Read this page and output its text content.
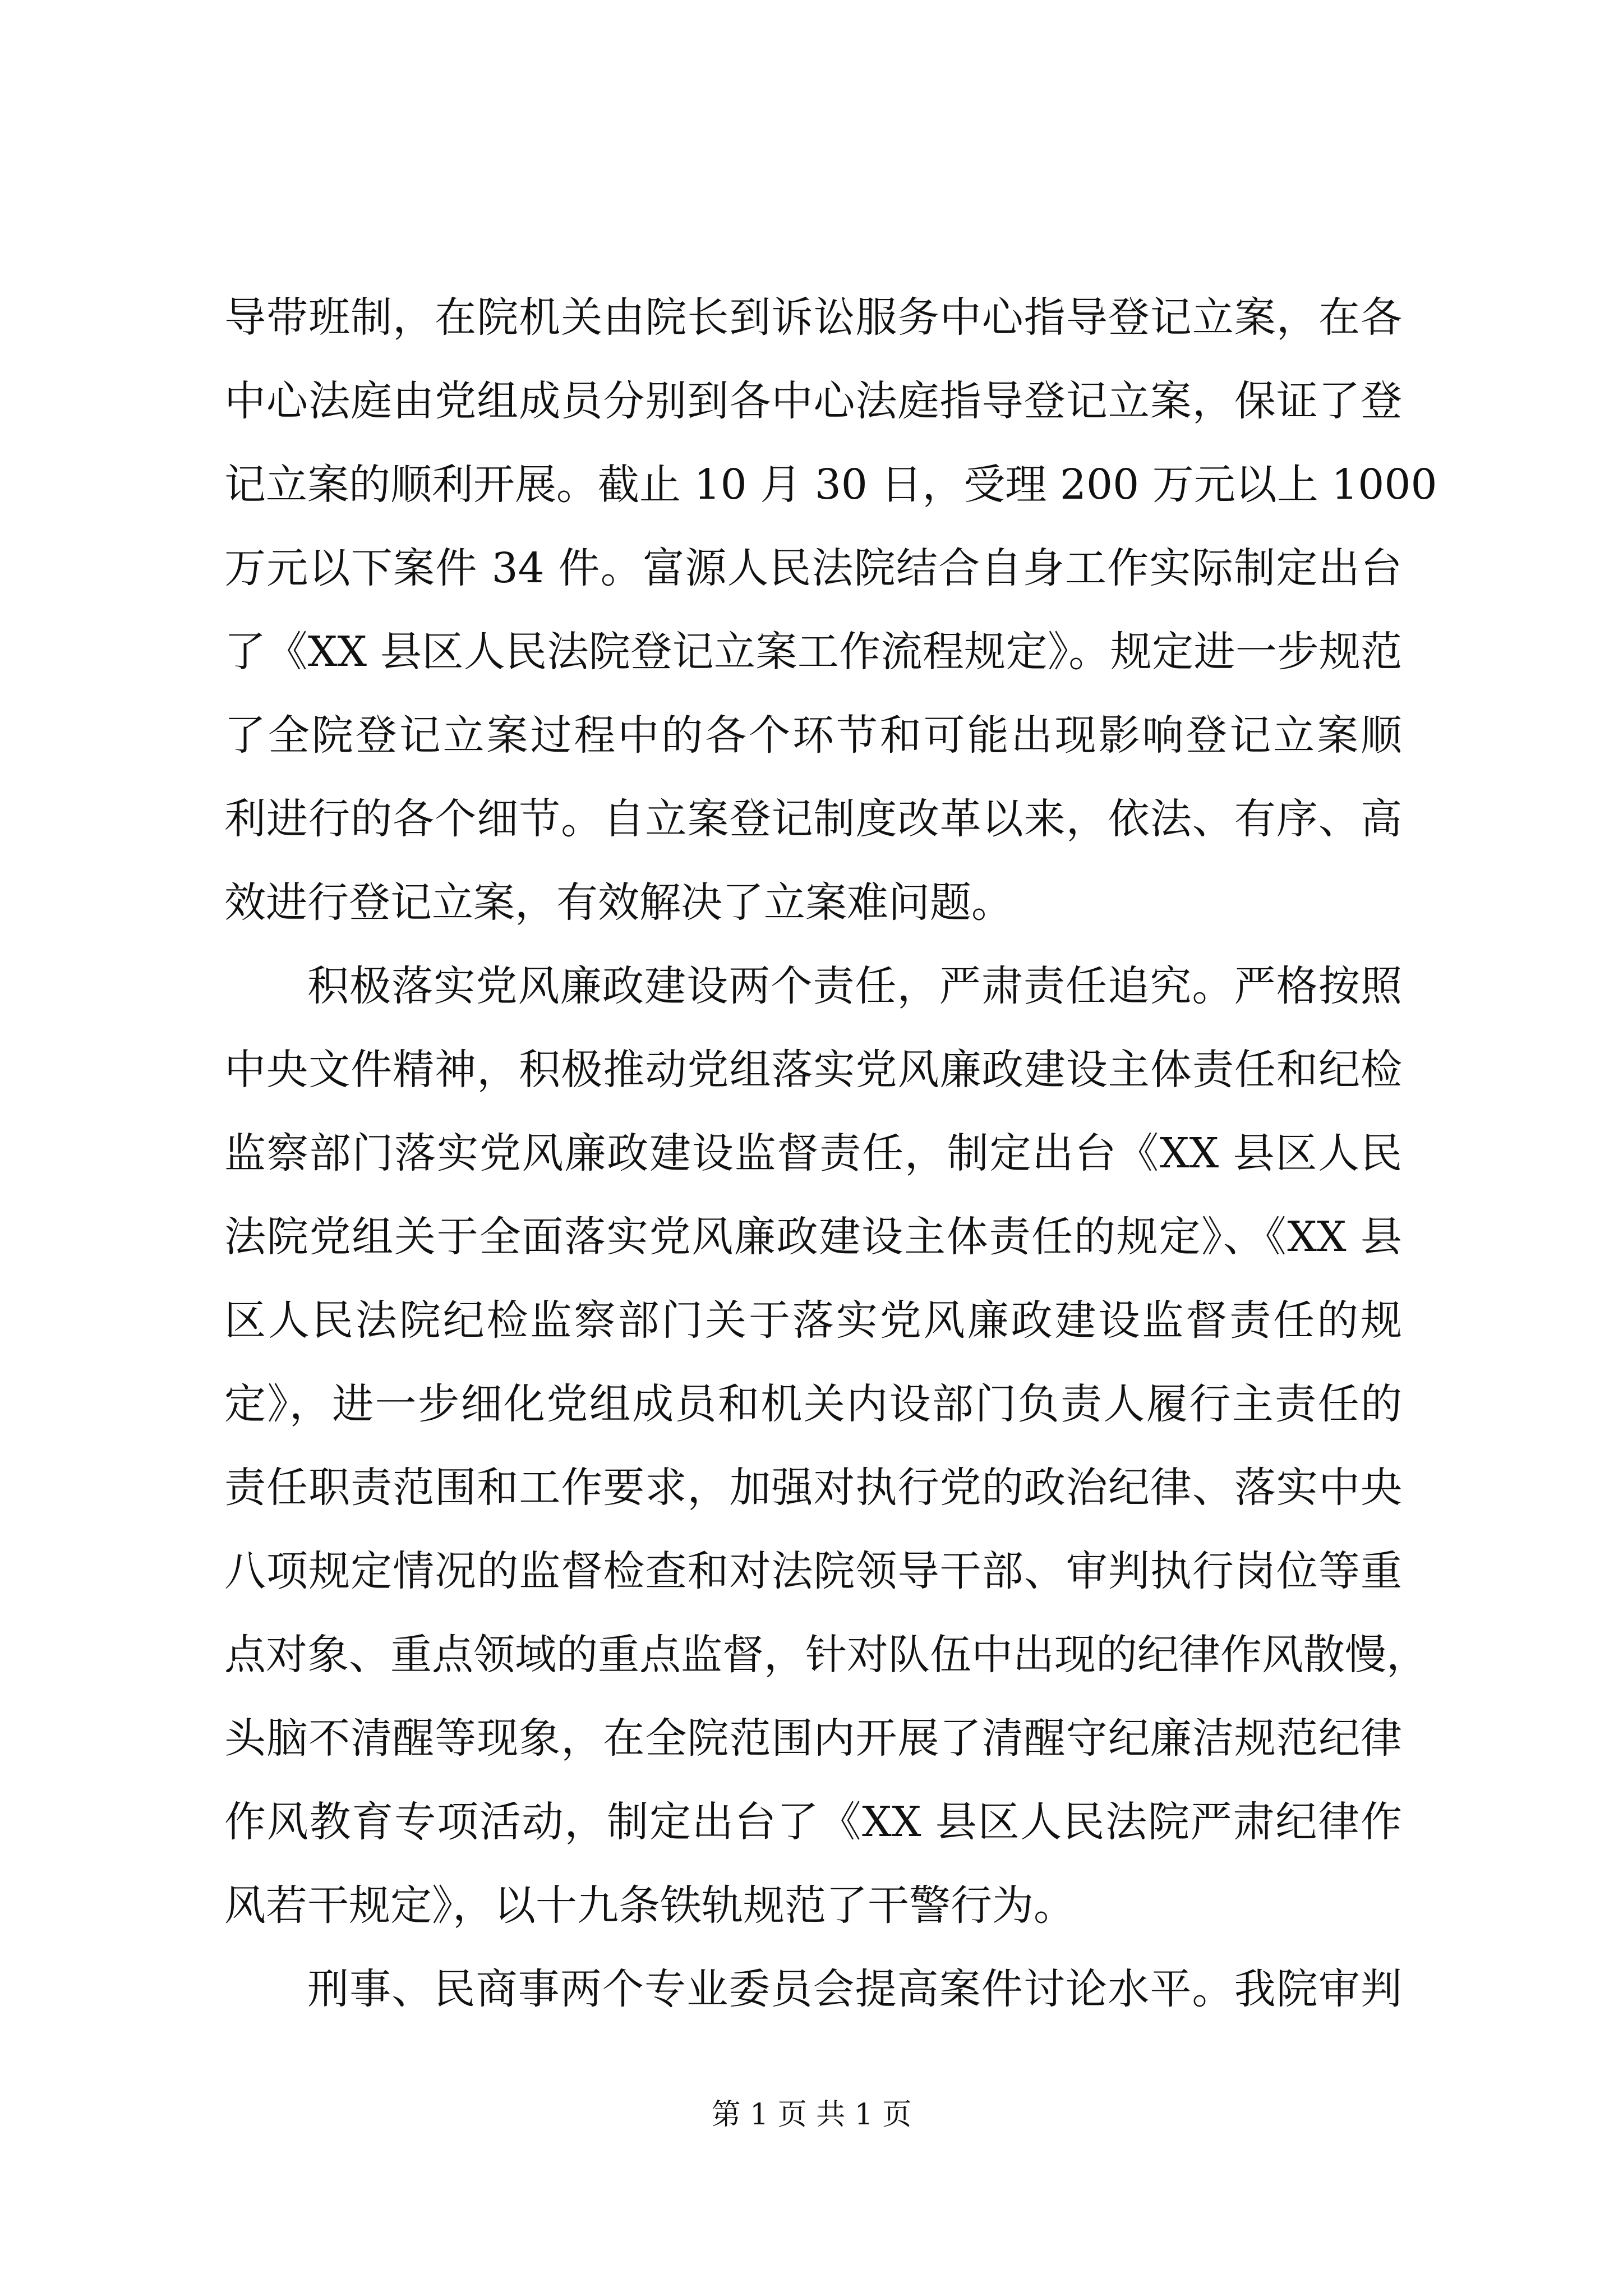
导带班制，在院机关由院长到诉讼服务中心指导登记立案，在各
中心法庭由党组成员分别到各中心法庭指导登记立案，保证了登
记立案的顺利开展。截止 10 月 30 日，受理 200 万元以上 1000
万元以下案件 34 件。富源人民法院结合自身工作实际制定出台
了《XX 县区人民法院登记立案工作流程规定》。规定进一步规范
了全院登记立案过程中的各个环节和可能出现影响登记立案顺
利进行的各个细节。自立案登记制度改革以来，依法、有序、高
效进行登记立案，有效解决了立案难问题。
积极落实党风廉政建设两个责任，严肃责任追究。严格按照
中央文件精神，积极推动党组落实党风廉政建设主体责任和纪检
监察部门落实党风廉政建设监督责任，制定出台《XX 县区人民
法院党组关于全面落实党风廉政建设主体责任的规定》、《XX 县
区人民法院纪检监察部门关于落实党风廉政建设监督责任的规
定》，进一步细化党组成员和机关内设部门负责人履行主责任的
责任职责范围和工作要求，加强对执行党的政治纪律、落实中央
八项规定情况的监督检查和对法院领导干部、审判执行岗位等重
点对象、重点领域的重点监督，针对队伍中出现的纪律作风散慢，
头脑不清醒等现象，在全院范围内开展了清醒守纪廉洁规范纪律
作风教育专项活动，制定出台了《XX 县区人民法院严肃纪律作
风若干规定》，以十九条铁轨规范了干警行为。
刑事、民商事两个专业委员会提高案件讨论水平。我院审判
第 1 页 共 1 页
